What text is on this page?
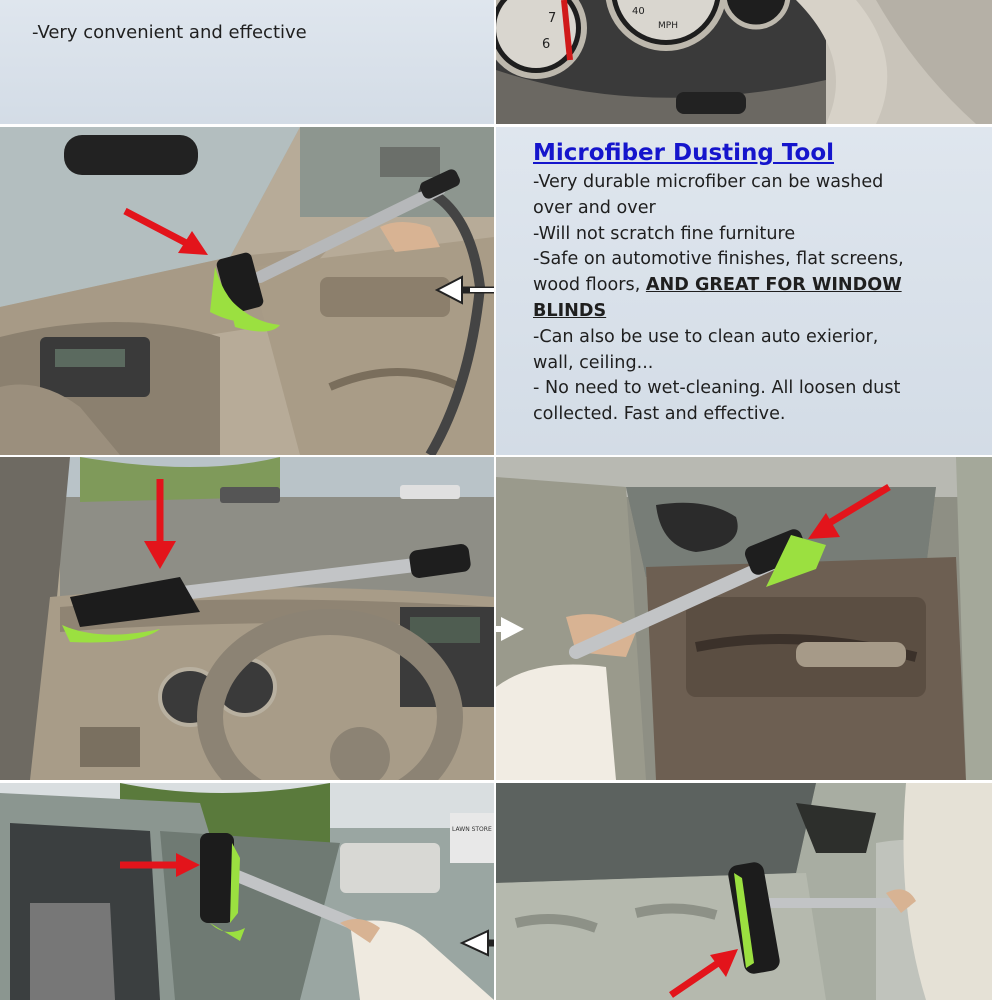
-Very convenient and effective
7
6
MPH
40
Microfiber Dusting Tool

-Very durable microfiber can be washed

over and over

-Will not scratch fine furniture

-Safe on automotive finishes, flat screens,

wood floors, AND GREAT FOR WINDOW

BLINDS

-Can also be use to clean auto exierior,

wall, ceiling...

- No need to wet-cleaning. All loosen dust

collected. Fast and effective.

LAWN STORE
